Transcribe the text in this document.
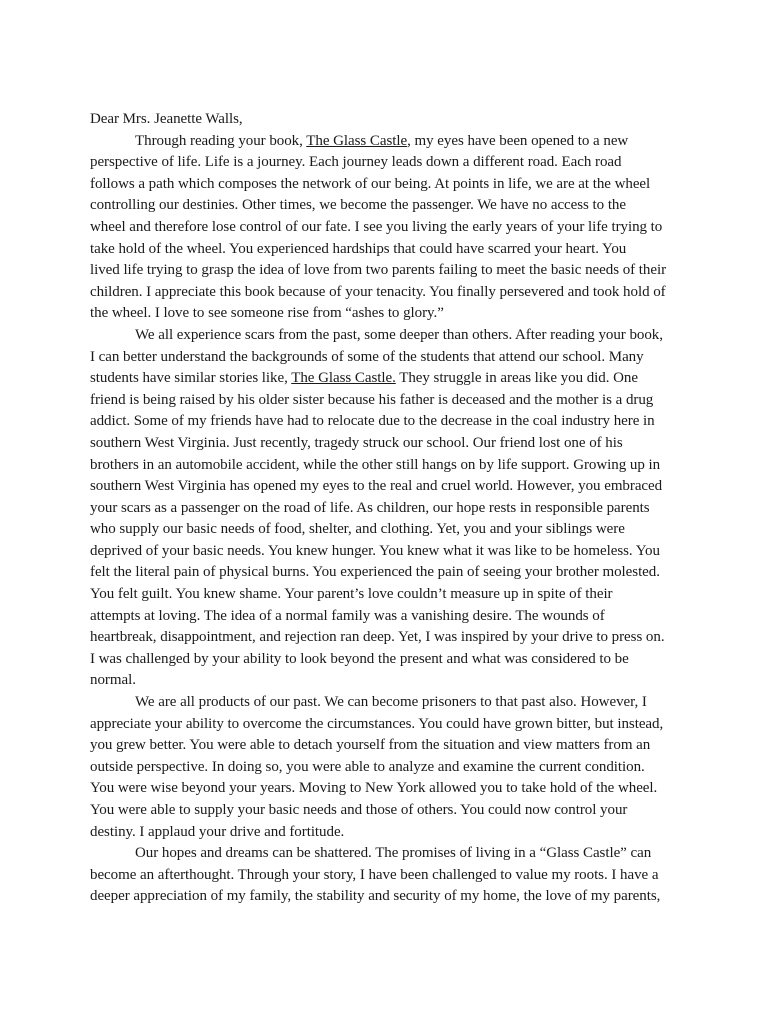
Dear Mrs. Jeanette Walls,
Through reading your book, The Glass Castle, my eyes have been opened to a new
perspective of life. Life is a journey. Each journey leads down a different road. Each road
follows a path which composes the network of our being. At points in life, we are at the wheel
controlling our destinies. Other times, we become the passenger. We have no access to the
wheel and therefore lose control of our fate. I see you living the early years of your life trying to
take hold of the wheel. You experienced hardships that could have scarred your heart. You
lived life trying to grasp the idea of love from two parents failing to meet the basic needs of their
children. I appreciate this book because of your tenacity. You finally persevered and took hold of
the wheel. I love to see someone rise from “ashes to glory.”
We all experience scars from the past, some deeper than others. After reading your book,
I can better understand the backgrounds of some of the students that attend our school. Many
students have similar stories like, The Glass Castle. They struggle in areas like you did. One
friend is being raised by his older sister because his father is deceased and the mother is a drug
addict. Some of my friends have had to relocate due to the decrease in the coal industry here in
southern West Virginia. Just recently, tragedy struck our school. Our friend lost one of his
brothers in an automobile accident, while the other still hangs on by life support. Growing up in
southern West Virginia has opened my eyes to the real and cruel world. However, you embraced
your scars as a passenger on the road of life. As children, our hope rests in responsible parents
who supply our basic needs of food, shelter, and clothing. Yet, you and your siblings were
deprived of your basic needs. You knew hunger. You knew what it was like to be homeless. You
felt the literal pain of physical burns. You experienced the pain of seeing your brother molested.
You felt guilt. You knew shame. Your parent’s love couldn’t measure up in spite of their
attempts at loving. The idea of a normal family was a vanishing desire. The wounds of
heartbreak, disappointment, and rejection ran deep. Yet, I was inspired by your drive to press on.
I was challenged by your ability to look beyond the present and what was considered to be
normal.
We are all products of our past. We can become prisoners to that past also. However, I
appreciate your ability to overcome the circumstances. You could have grown bitter, but instead,
you grew better. You were able to detach yourself from the situation and view matters from an
outside perspective. In doing so, you were able to analyze and examine the current condition.
You were wise beyond your years. Moving to New York allowed you to take hold of the wheel.
You were able to supply your basic needs and those of others. You could now control your
destiny. I applaud your drive and fortitude.
Our hopes and dreams can be shattered. The promises of living in a “Glass Castle” can
become an afterthought. Through your story, I have been challenged to value my roots. I have a
deeper appreciation of my family, the stability and security of my home, the love of my parents,
